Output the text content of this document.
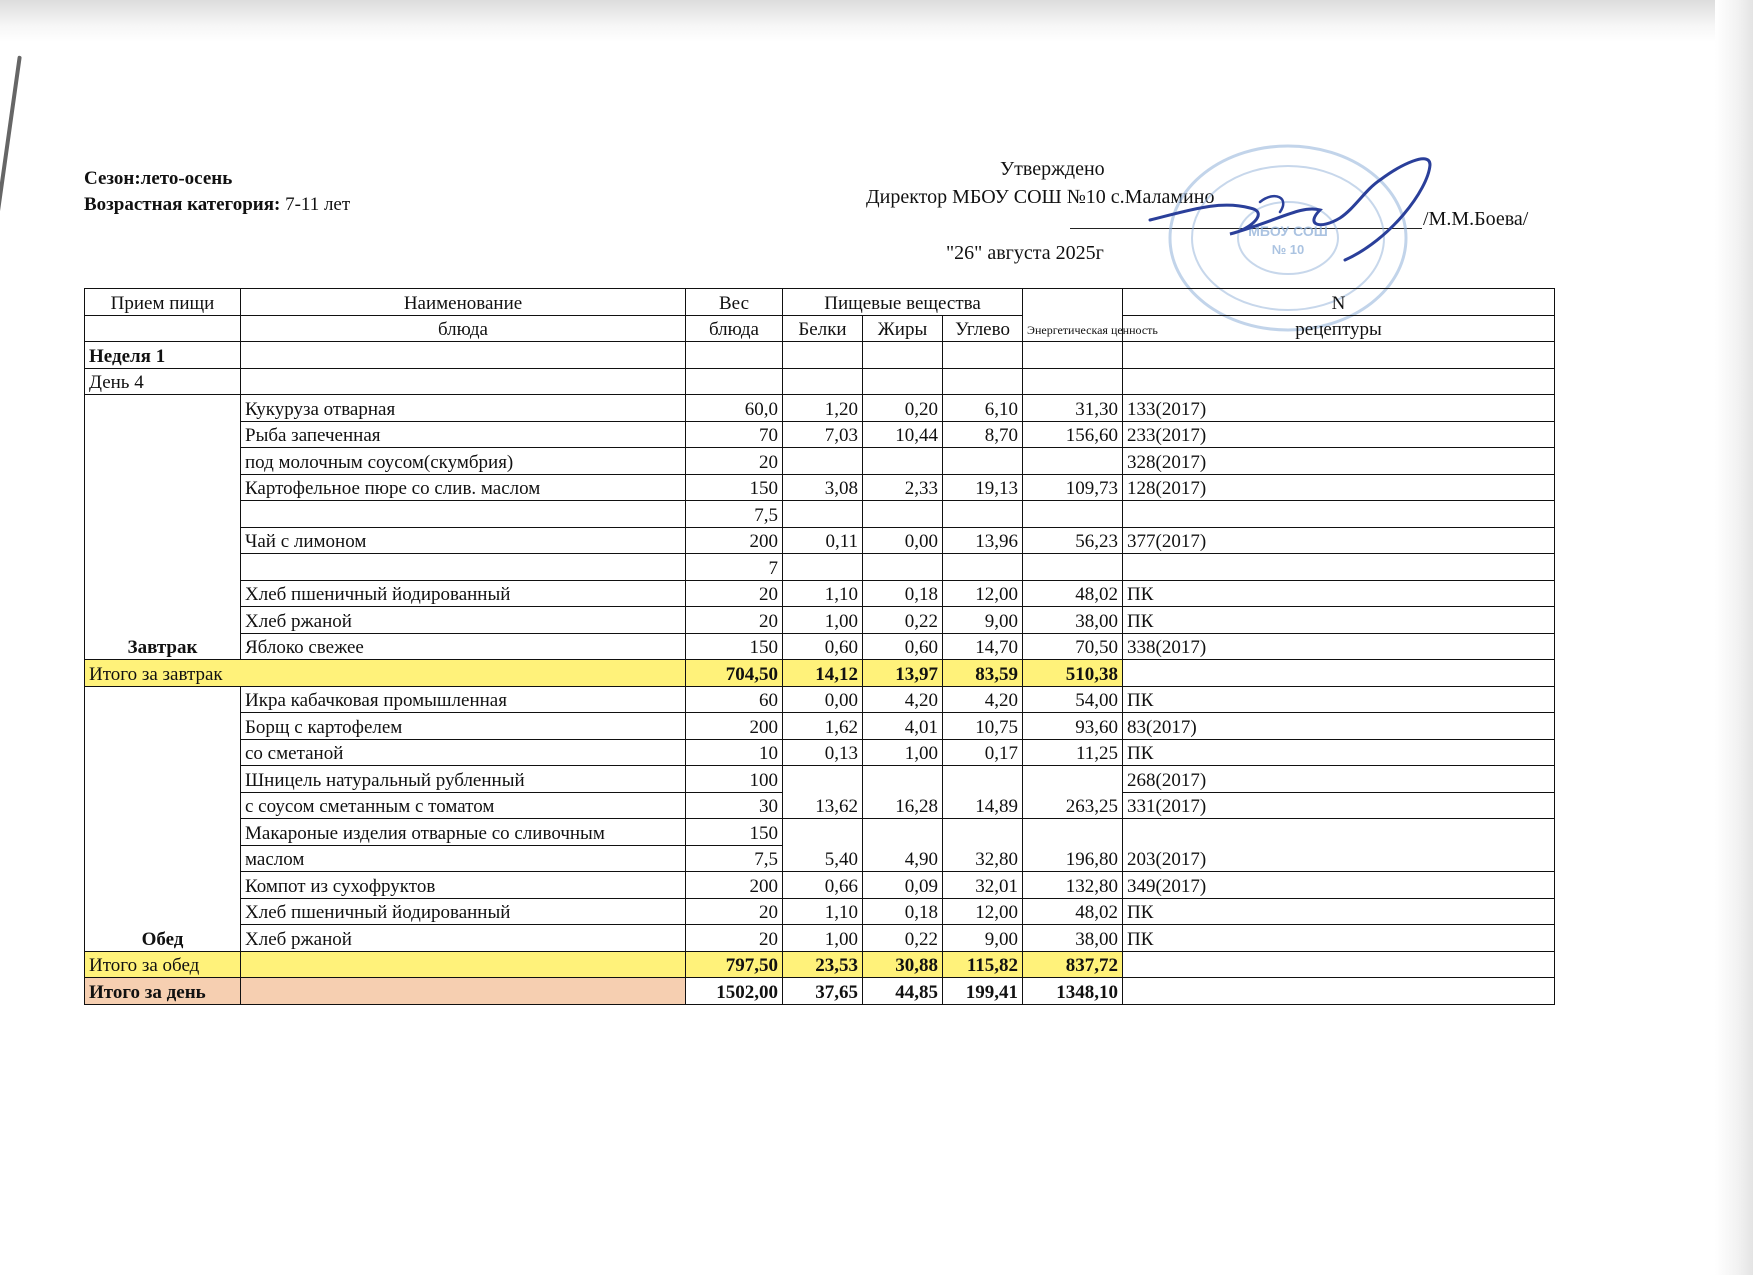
Сезон:лето-осень
Возрастная категория: 7-11 лет
Утверждено
Директор МБОУ СОШ №10 с.Маламино
/М.М.Боева/
"26" августа 2025г
МБОУ СОШ
№ 10
Прием пищи	Наименование	Вес	Пищевые вещества			Энергетическая ценность	N
	блюда	блюда	Белки	Жиры	Углево		рецептуры
Неделя 1							
День 4							
Завтрак	Кукуруза отварная	60,0	1,20	0,20	6,10	31,30	133(2017)
	Рыба запеченная	70	7,03	10,44	8,70	156,60	233(2017)
	под молочным соусом(скумбрия)	20					328(2017)
	Картофельное пюре со слив. маслом	150	3,08	2,33	19,13	109,73	128(2017)
		7,5					
	Чай с лимоном	200	0,11	0,00	13,96	56,23	377(2017)
		7					
	Хлеб пшеничный йодированный	20	1,10	0,18	12,00	48,02	ПК
	Хлеб ржаной	20	1,00	0,22	9,00	38,00	ПК
	Яблоко свежее	150	0,60	0,60	14,70	70,50	338(2017)
Итого за завтрак		704,50	14,12	13,97	83,59	510,38	
Обед	Икра кабачковая промышленная	60	0,00	4,20	4,20	54,00	ПК
	Борщ с картофелем	200	1,62	4,01	10,75	93,60	83(2017)
	со сметаной	10	0,13	1,00	0,17	11,25	ПК
	Шницель натуральный рубленный	100	13,62	16,28	14,89	263,25	268(2017)
	с соусом сметанным с томатом	30					331(2017)
	Макароные изделия отварные со сливочным	150	5,40	4,90	32,80	196,80	203(2017)
	маслом	7,5					
	Компот из сухофруктов	200	0,66	0,09	32,01	132,80	349(2017)
	Хлеб пшеничный йодированный	20	1,10	0,18	12,00	48,02	ПК
	Хлеб ржаной	20	1,00	0,22	9,00	38,00	ПК
Итого за обед		797,50	23,53	30,88	115,82	837,72	
Итого за день		1502,00	37,65	44,85	199,41	1348,10	
